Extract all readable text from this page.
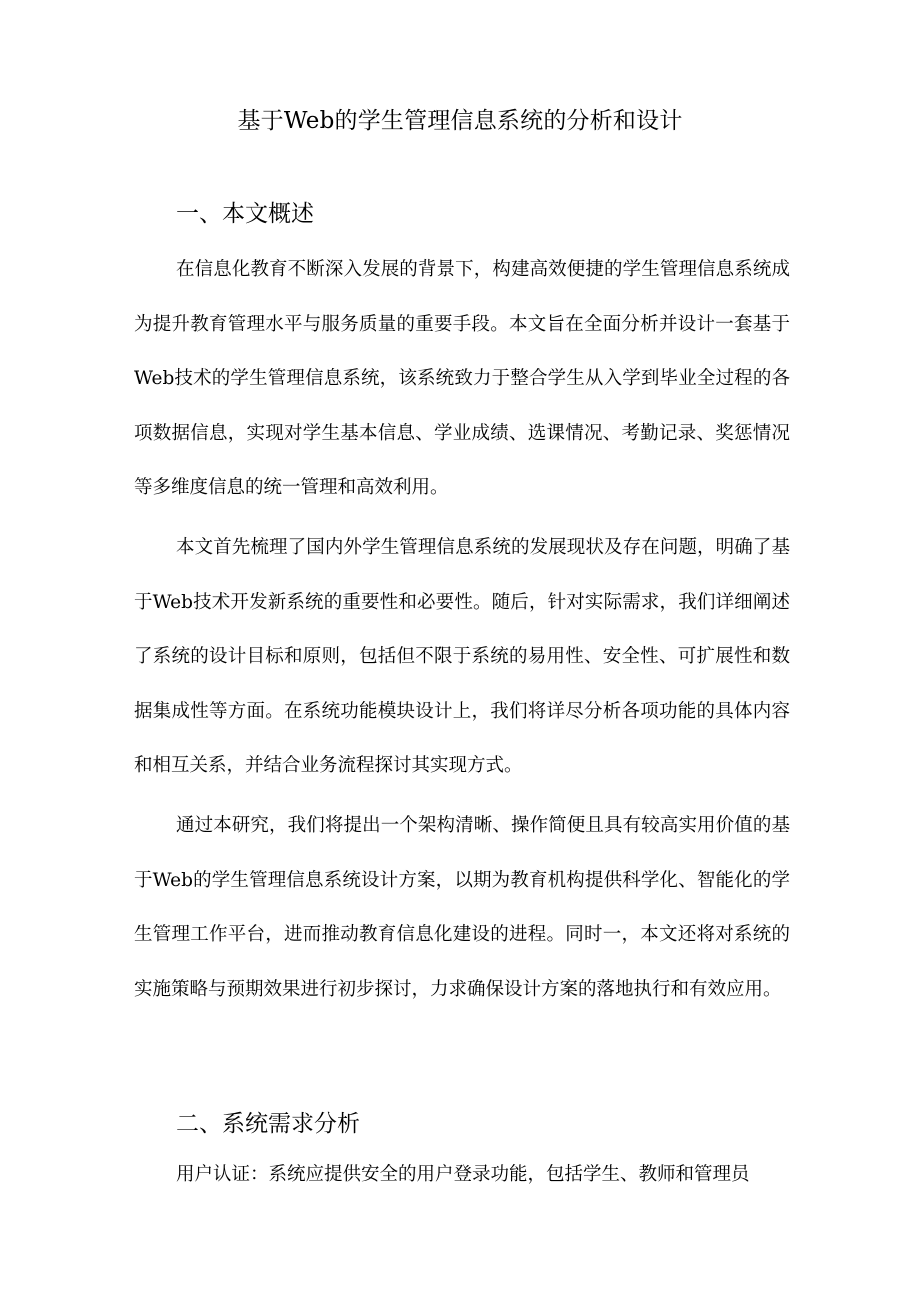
基于Web的学生管理信息系统的分析和设计
一、本文概述

在信息化教育不断深入发展的背景下，构建高效便捷的学生管理信息系统成为提升教育管理水平与服务质量的重要手段。本文旨在全面分析并设计一套基于Web技术的学生管理信息系统，该系统致力于整合学生从入学到毕业全过程的各项数据信息，实现对学生基本信息、学业成绩、选课情况、考勤记录、奖惩情况等多维度信息的统一管理和高效利用。

本文首先梳理了国内外学生管理信息系统的发展现状及存在问题，明确了基于Web技术开发新系统的重要性和必要性。随后，针对实际需求，我们详细阐述了系统的设计目标和原则，包括但不限于系统的易用性、安全性、可扩展性和数据集成性等方面。在系统功能模块设计上，我们将详尽分析各项功能的具体内容和相互关系，并结合业务流程探讨其实现方式。

通过本研究，我们将提出一个架构清晰、操作简便且具有较高实用价值的基于Web的学生管理信息系统设计方案，以期为教育机构提供科学化、智能化的学生管理工作平台，进而推动教育信息化建设的进程。同时一，本文还将对系统的实施策略与预期效果进行初步探讨，力求确保设计方案的落地执行和有效应用。

二、系统需求分析

用户认证：系统应提供安全的用户登录功能，包括学生、教师和管理员
